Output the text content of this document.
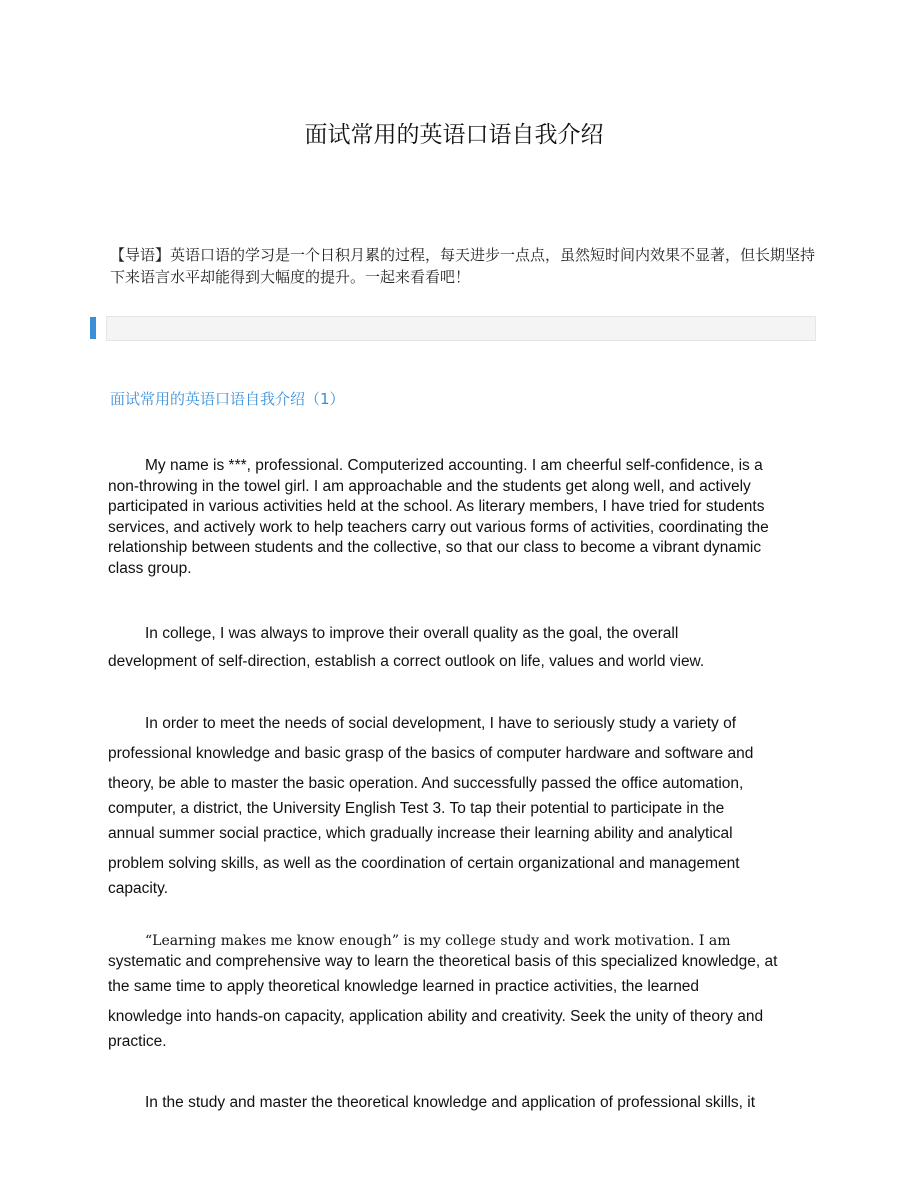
面试常用的英语口语自我介绍

【导语】英语口语的学习是一个日积月累的过程，每天进步一点点，虽然短时间内效果不显著，但长期坚持下来语言水平却能得到大幅度的提升。一起来看看吧！

面试常用的英语口语自我介绍（1）
My name is ***, professional. Computerized accounting. I am cheerful self-confidence, is a
non-throwing in the towel girl. I am approachable and the students get along well, and actively
participated in various activities held at the school. As literary members, I have tried for students
services, and actively work to help teachers carry out various forms of activities, coordinating the
relationship between students and the collective, so that our class to become a vibrant dynamic
class group.
In college, I was always to improve their overall quality as the goal, the overall
development of self-direction, establish a correct outlook on life, values and world view.
In order to meet the needs of social development, I have to seriously study a variety of
professional knowledge and basic grasp of the basics of computer hardware and software and
theory, be able to master the basic operation. And successfully passed the office automation,
computer, a district, the University English Test 3. To tap their potential to participate in the
annual summer social practice, which gradually increase their learning ability and analytical
problem solving skills, as well as the coordination of certain organizational and management
capacity.
“Learning makes me know enough” is my college study and work motivation. I am
systematic and comprehensive way to learn the theoretical basis of this specialized knowledge, at
the same time to apply theoretical knowledge learned in practice activities, the learned
knowledge into hands-on capacity, application ability and creativity. Seek the unity of theory and
practice.
In the study and master the theoretical knowledge and application of professional skills, it
